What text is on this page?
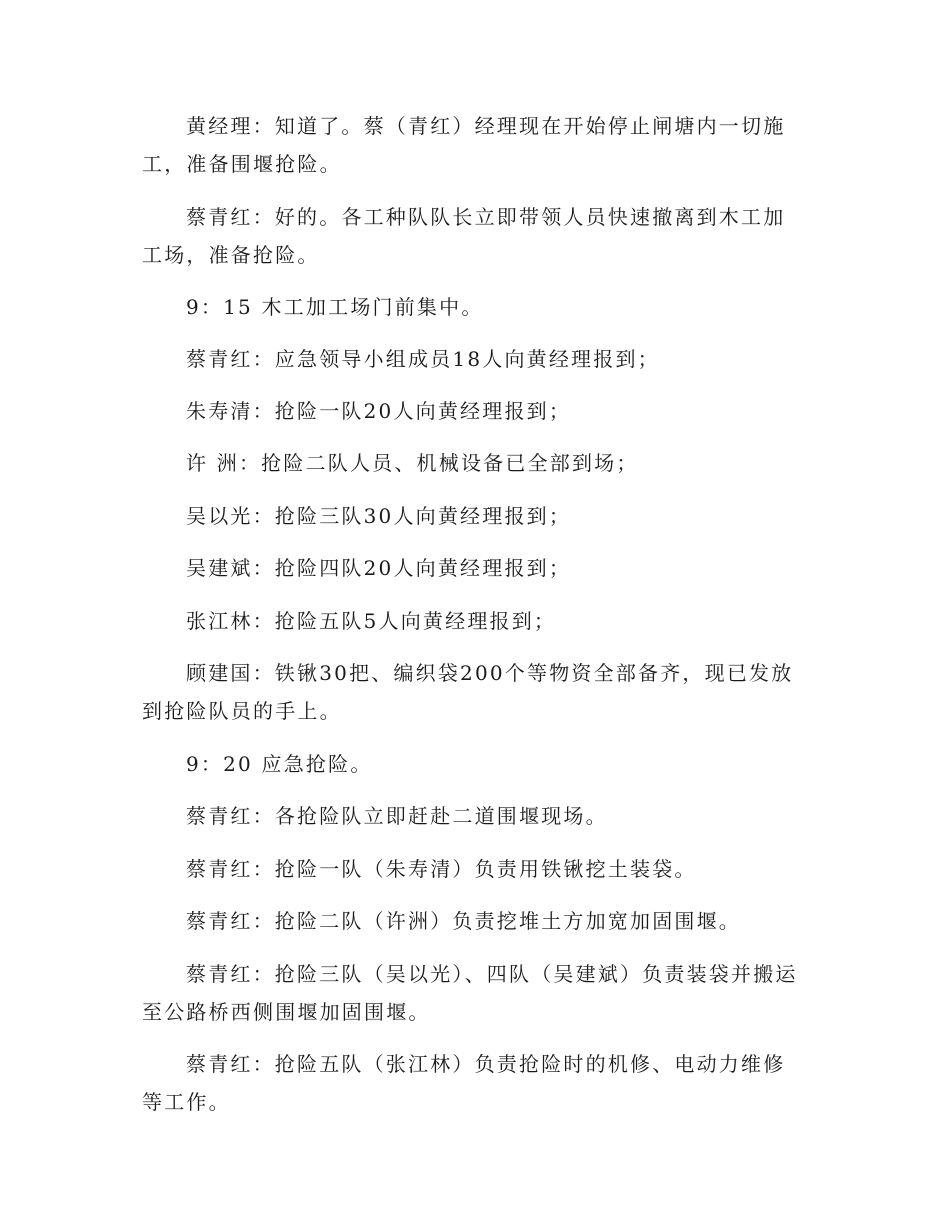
黄经理：知道了。蔡（青红）经理现在开始停止闸塘内一切施工，准备围堰抢险。

蔡青红：好的。各工种队队长立即带领人员快速撤离到木工加工场，准备抢险。

9：15 木工加工场门前集中。

蔡青红：应急领导小组成员18人向黄经理报到；

朱寿清：抢险一队20人向黄经理报到；

许 洲：抢险二队人员、机械设备已全部到场；

吴以光：抢险三队30人向黄经理报到；

吴建斌：抢险四队20人向黄经理报到；

张江林：抢险五队5人向黄经理报到；

顾建国：铁锹30把、编织袋200个等物资全部备齐，现已发放到抢险队员的手上。

9：20 应急抢险。

蔡青红：各抢险队立即赶赴二道围堰现场。

蔡青红：抢险一队（朱寿清）负责用铁锹挖土装袋。

蔡青红：抢险二队（许洲）负责挖堆土方加宽加固围堰。

蔡青红：抢险三队（吴以光）、四队（吴建斌）负责装袋并搬运至公路桥西侧围堰加固围堰。

蔡青红：抢险五队（张江林）负责抢险时的机修、电动力维修等工作。
